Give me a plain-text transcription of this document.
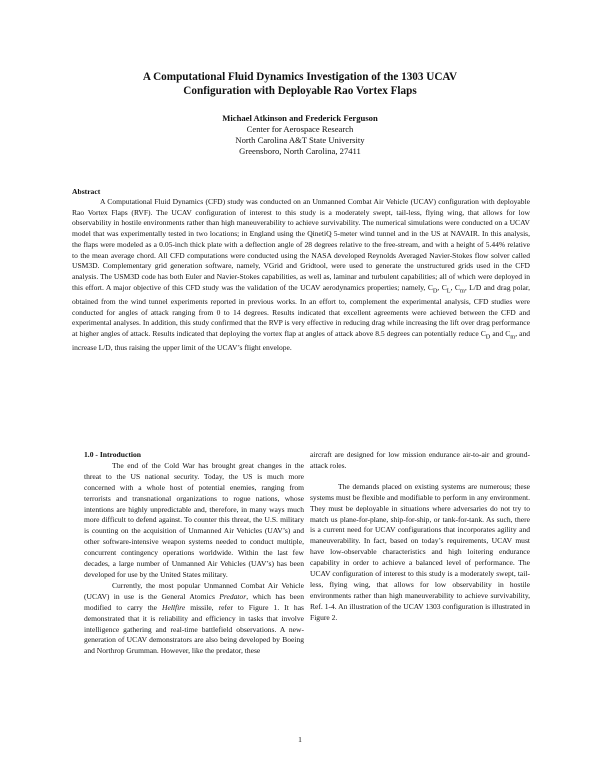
A Computational Fluid Dynamics Investigation of the 1303 UCAV
Configuration with Deployable Rao Vortex Flaps
Michael Atkinson and Frederick Ferguson
Center for Aerospace Research
North Carolina A&T State University
Greensboro, North Carolina, 27411
Abstract

A Computational Fluid Dynamics (CFD) study was conducted on an Unmanned Combat Air Vehicle (UCAV) configuration with deployable Rao Vortex Flaps (RVF). The UCAV configuration of interest to this study is a moderately swept, tail-less, flying wing, that allows for low observability in hostile environments rather than high maneuverability to achieve survivability. The numerical simulations were conducted on a UCAV model that was experimentally tested in two locations; in England using the QinetiQ 5-meter wind tunnel and in the US at NAVAIR. In this analysis, the flaps were modeled as a 0.05-inch thick plate with a deflection angle of 28 degrees relative to the free-stream, and with a height of 5.44% relative to the mean average chord. All CFD computations were conducted using the NASA developed Reynolds Averaged Navier-Stokes flow solver called USM3D. Complementary grid generation software, namely, VGrid and Gridtool, were used to generate the unstructured grids used in the CFD analysis. The USM3D code has both Euler and Navier-Stokes capabilities, as well as, laminar and turbulent capabilities; all of which were deployed in this effort. A major objective of this CFD study was the validation of the UCAV aerodynamics properties; namely, $C_D$, $C_L$, $C_m$, L/D and drag polar, obtained from the wind tunnel experiments reported in previous works. In an effort to, complement the experimental analysis, CFD studies were conducted for angles of attack ranging from 0 to 14 degrees. Results indicated that excellent agreements were achieved between the CFD and experimental analyses. In addition, this study confirmed that the RVP is very effective in reducing drag while increasing the lift over drag performance at higher angles of attack. Results indicated that deploying the vortex flap at angles of attack above 8.5 degrees can potentially reduce $C_D$ and $C_m$, and increase L/D, thus raising the upper limit of the UCAV’s flight envelope.

1.0 - Introduction

The end of the Cold War has brought great changes in the threat to the US national security. Today, the US is much more concerned with a whole host of potential enemies, ranging from terrorists and transnational organizations to rogue nations, whose intentions are highly unpredictable and, therefore, in many ways much more difficult to defend against. To counter this threat, the U.S. military is counting on the acquisition of Unmanned Air Vehicles (UAV’s) and other software-intensive weapon systems needed to conduct multiple, concurrent contingency operations worldwide. Within the last few decades, a large number of Unmanned Air Vehicles (UAV’s) has been developed for use by the United States military.

Currently, the most popular Unmanned Combat Air Vehicle (UCAV) in use is the General Atomics Predator, which has been modified to carry the Hellfire missile, refer to Figure 1. It has demonstrated that it is reliability and efficiency in tasks that involve intelligence gathering and real-time battlefield observations. A new-generation of UCAV demonstrators are also being developed by Boeing and Northrop Grumman. However, like the predator, these

aircraft are designed for low mission endurance air-to-air and ground-attack roles.

The demands placed on existing systems are numerous; these systems must be flexible and modifiable to perform in any environment. They must be deployable in situations where adversaries do not try to match us plane-for-plane, ship-for-ship, or tank-for-tank. As such, there is a current need for UCAV configurations that incorporates agility and maneuverability. In fact, based on today’s requirements, UCAV must have low-observable characteristics and high loitering endurance capability in order to achieve a balanced level of performance. The UCAV configuration of interest to this study is a moderately swept, tail-less, flying wing, that allows for low observability in hostile environments rather than high maneuverability to achieve survivability, Ref. 1-4. An illustration of the UCAV 1303 configuration is illustrated in Figure 2.

1
